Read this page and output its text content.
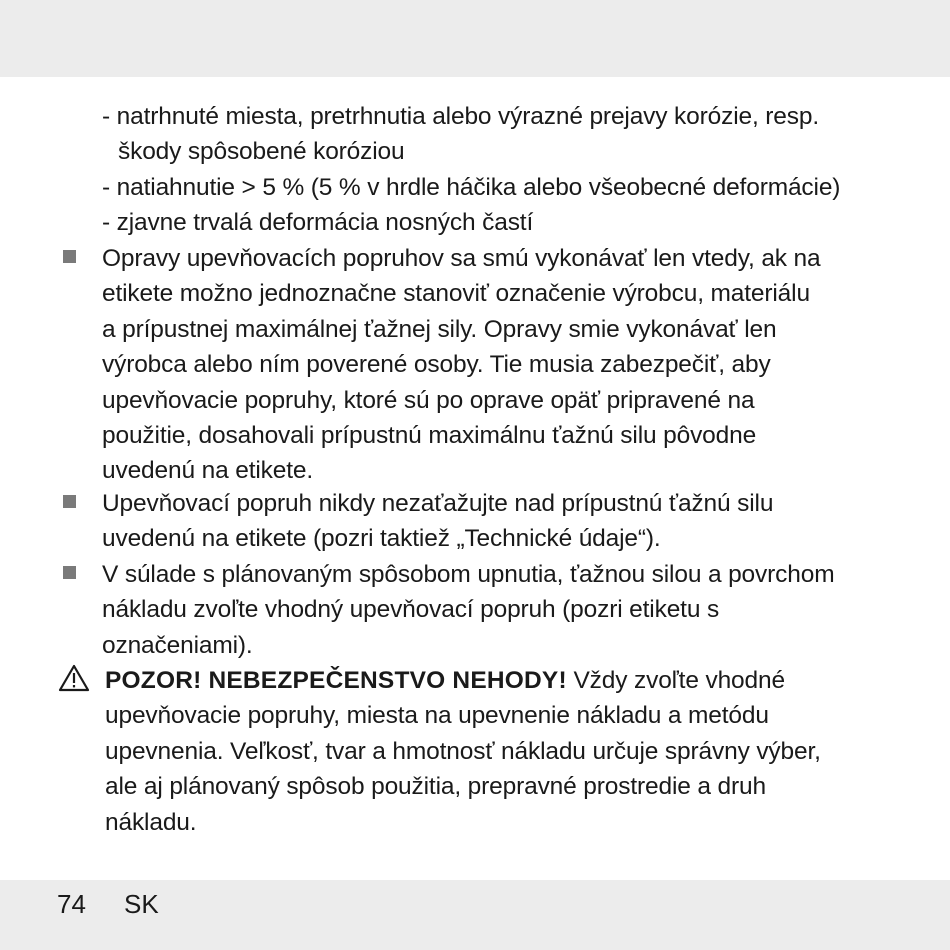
- natrhnuté miesta, pretrhnutia alebo výrazné prejavy korózie, resp.
škody spôsobené koróziou
- natiahnutie > 5 % (5 % v hrdle háčika alebo všeobecné deformácie)
- zjavne trvalá deformácia nosných častí
Opravy upevňovacích popruhov sa smú vykonávať len vtedy, ak na
etikete možno jednoznačne stanoviť označenie výrobcu, materiálu
a prípustnej maximálnej ťažnej sily. Opravy smie vykonávať len
výrobca alebo ním poverené osoby. Tie musia zabezpečiť, aby
upevňovacie popruhy, ktoré sú po oprave opäť pripravené na
použitie, dosahovali prípustnú maximálnu ťažnú silu pôvodne
uvedenú na etikete.
Upevňovací popruh nikdy nezaťažujte nad prípustnú ťažnú silu
uvedenú na etikete (pozri taktiež „Technické údaje“).
V súlade s plánovaným spôsobom upnutia, ťažnou silou a povrchom
nákladu zvoľte vhodný upevňovací popruh (pozri etiketu s
označeniami).
POZOR! NEBEZPEČENSTVO NEHODY! Vždy zvoľte vhodné
upevňovacie popruhy, miesta na upevnenie nákladu a metódu
upevnenia. Veľkosť, tvar a hmotnosť nákladu určuje správny výber,
ale aj plánovaný spôsob použitia, prepravné prostredie a druh
nákladu.
74 SK
